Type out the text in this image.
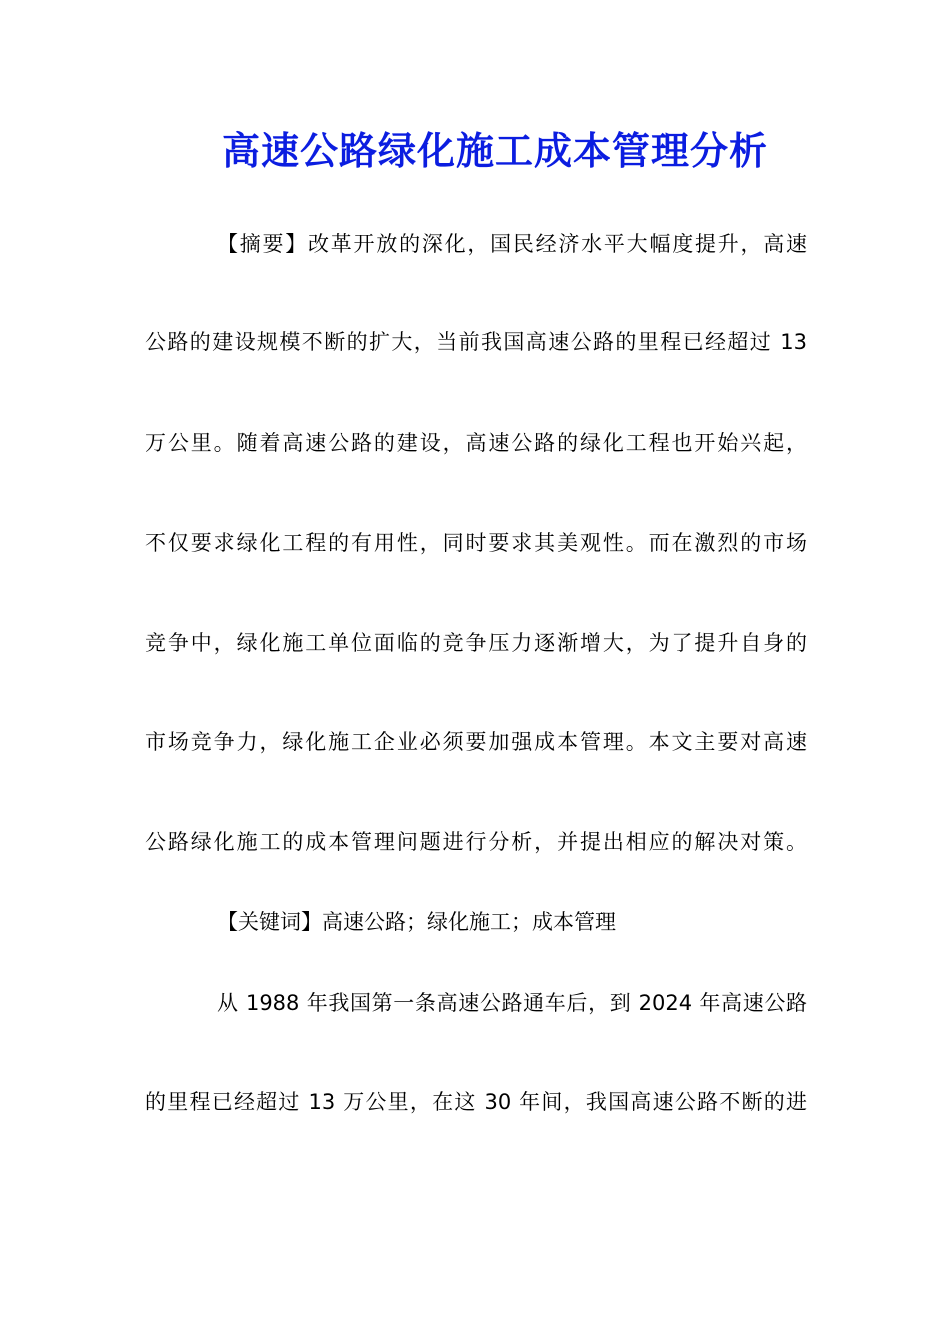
高速公路绿化施工成本管理分析
【摘要】改革开放的深化，国民经济水平大幅度提升，高速
公路的建设规模不断的扩大，当前我国高速公路的里程已经超过 13
万公里。随着高速公路的建设，高速公路的绿化工程也开始兴起，
不仅要求绿化工程的有用性，同时要求其美观性。而在激烈的市场
竞争中，绿化施工单位面临的竞争压力逐渐增大，为了提升自身的
市场竞争力，绿化施工企业必须要加强成本管理。本文主要对高速
公路绿化施工的成本管理问题进行分析，并提出相应的解决对策。
【关键词】高速公路；绿化施工；成本管理
从 1988 年我国第一条高速公路通车后，到 2024 年高速公路
的里程已经超过 13 万公里，在这 30 年间，我国高速公路不断的进
